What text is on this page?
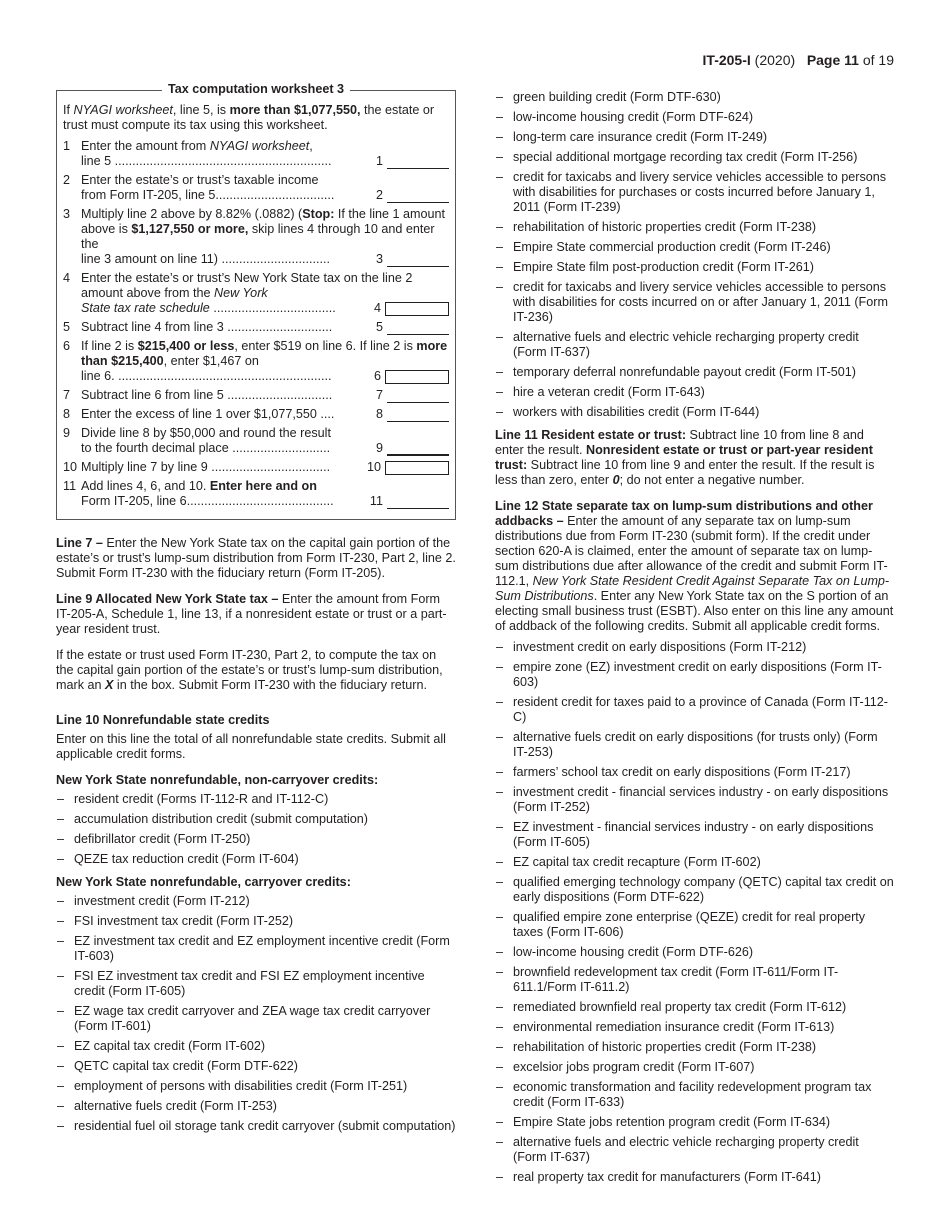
IT-205-I (2020) Page 11 of 19
Tax computation worksheet 3

If NYAGI worksheet, line 5, is more than $1,077,550, the estate or trust must compute its tax using this worksheet.

1 Enter the amount from NYAGI worksheet,
line 5 ..............................................................	1
2 Enter the estate’s or trust’s taxable income
from Form IT-205, line 5..................................	2
3 Multiply line 2 above by 8.82% (.0882) (Stop: If the line 1 amount above is $1,127,550 or more, skip lines 4 through 10 and enter the
line 3 amount on line 11) ...............................	3
4 Enter the estate’s or trust’s New York State tax on the line 2 amount above from the New York
State tax rate schedule ...................................	4
5 Subtract line 4 from line 3 ..............................	5
6 If line 2 is $215,400 or less, enter $519 on line 6. If line 2 is more than $215,400, enter $1,467 on
line 6. .............................................................	6
7 Subtract line 6 from line 5 ..............................	7
8 Enter the excess of line 1 over $1,077,550 ....	8
9 Divide line 8 by $50,000 and round the result
to the fourth decimal place ............................	9
10 Multiply line 7 by line 9 ..................................	10
11 Add lines 4, 6, and 10. Enter here and on
Form IT-205, line 6..........................................	11

Line 7 – Enter the New York State tax on the capital gain portion of the estate’s or trust’s lump-sum distribution from Form IT-230, Part 2, line 2. Submit Form IT-230 with the fiduciary return (Form IT-205).

Line 9 Allocated New York State tax – Enter the amount from Form IT-205-A, Schedule 1, line 13, if a nonresident estate or trust or a part-year resident trust.

If the estate or trust used Form IT-230, Part 2, to compute the tax on the capital gain portion of the estate’s or trust’s lump-sum distribution, mark an X in the box. Submit Form IT-230 with the fiduciary return.

Line 10 Nonrefundable state credits

Enter on this line the total of all nonrefundable state credits. Submit all applicable credit forms.

New York State nonrefundable, non-carryover credits:

– resident credit (Forms IT-112-R and IT-112-C)
– accumulation distribution credit (submit computation)
– defibrillator credit (Form IT-250)
– QEZE tax reduction credit (Form IT-604)

New York State nonrefundable, carryover credits:

– investment credit (Form IT-212)
– FSI investment tax credit (Form IT-252)
– EZ investment tax credit and EZ employment incentive credit (Form IT-603)
– FSI EZ investment tax credit and FSI EZ employment incentive credit (Form IT-605)
– EZ wage tax credit carryover and ZEA wage tax credit carryover (Form IT-601)
– EZ capital tax credit (Form IT-602)
– QETC capital tax credit (Form DTF-622)
– employment of persons with disabilities credit (Form IT-251)
– alternative fuels credit (Form IT-253)
– residential fuel oil storage tank credit carryover (submit computation)
– green building credit (Form DTF-630)
– low-income housing credit (Form DTF-624)
– long-term care insurance credit (Form IT-249)
– special additional mortgage recording tax credit (Form IT-256)
– credit for taxicabs and livery service vehicles accessible to persons with disabilities for purchases or costs incurred before January 1, 2011 (Form IT-239)
– rehabilitation of historic properties credit (Form IT-238)
– Empire State commercial production credit (Form IT-246)
– Empire State film post-production credit (Form IT-261)
– credit for taxicabs and livery service vehicles accessible to persons with disabilities for costs incurred on or after January 1, 2011 (Form IT-236)
– alternative fuels and electric vehicle recharging property credit (Form IT-637)
– temporary deferral nonrefundable payout credit (Form IT-501)
– hire a veteran credit (Form IT-643)
– workers with disabilities credit (Form IT-644)

Line 11 Resident estate or trust: Subtract line 10 from line 8 and enter the result. Nonresident estate or trust or part-year resident trust: Subtract line 10 from line 9 and enter the result. If the result is less than zero, enter 0; do not enter a negative number.

Line 12 State separate tax on lump-sum distributions and other addbacks – Enter the amount of any separate tax on lump-sum distributions due from Form IT-230 (submit form). If the credit under section 620-A is claimed, enter the amount of separate tax on lump-sum distributions due after allowance of the credit and submit Form IT-112.1, New York State Resident Credit Against Separate Tax on Lump-Sum Distributions. Enter any New York State tax on the S portion of an electing small business trust (ESBT). Also enter on this line any amount of addback of the following credits. Submit all applicable credit forms.

– investment credit on early dispositions (Form IT-212)
– empire zone (EZ) investment credit on early dispositions (Form IT-603)
– resident credit for taxes paid to a province of Canada (Form IT-112-C)
– alternative fuels credit on early dispositions (for trusts only) (Form IT-253)
– farmers’ school tax credit on early dispositions (Form IT-217)
– investment credit - financial services industry - on early dispositions (Form IT-252)
– EZ investment - financial services industry - on early dispositions (Form IT-605)
– EZ capital tax credit recapture (Form IT-602)
– qualified emerging technology company (QETC) capital tax credit on early dispositions (Form DTF-622)
– qualified empire zone enterprise (QEZE) credit for real property taxes (Form IT-606)
– low-income housing credit (Form DTF-626)
– brownfield redevelopment tax credit (Form IT-611/Form IT-611.1/Form IT-611.2)
– remediated brownfield real property tax credit (Form IT-612)
– environmental remediation insurance credit (Form IT-613)
– rehabilitation of historic properties credit (Form IT-238)
– excelsior jobs program credit (Form IT-607)
– economic transformation and facility redevelopment program tax credit (Form IT-633)
– Empire State jobs retention program credit (Form IT-634)
– alternative fuels and electric vehicle recharging property credit (Form IT-637)
– real property tax credit for manufacturers (Form IT-641)
